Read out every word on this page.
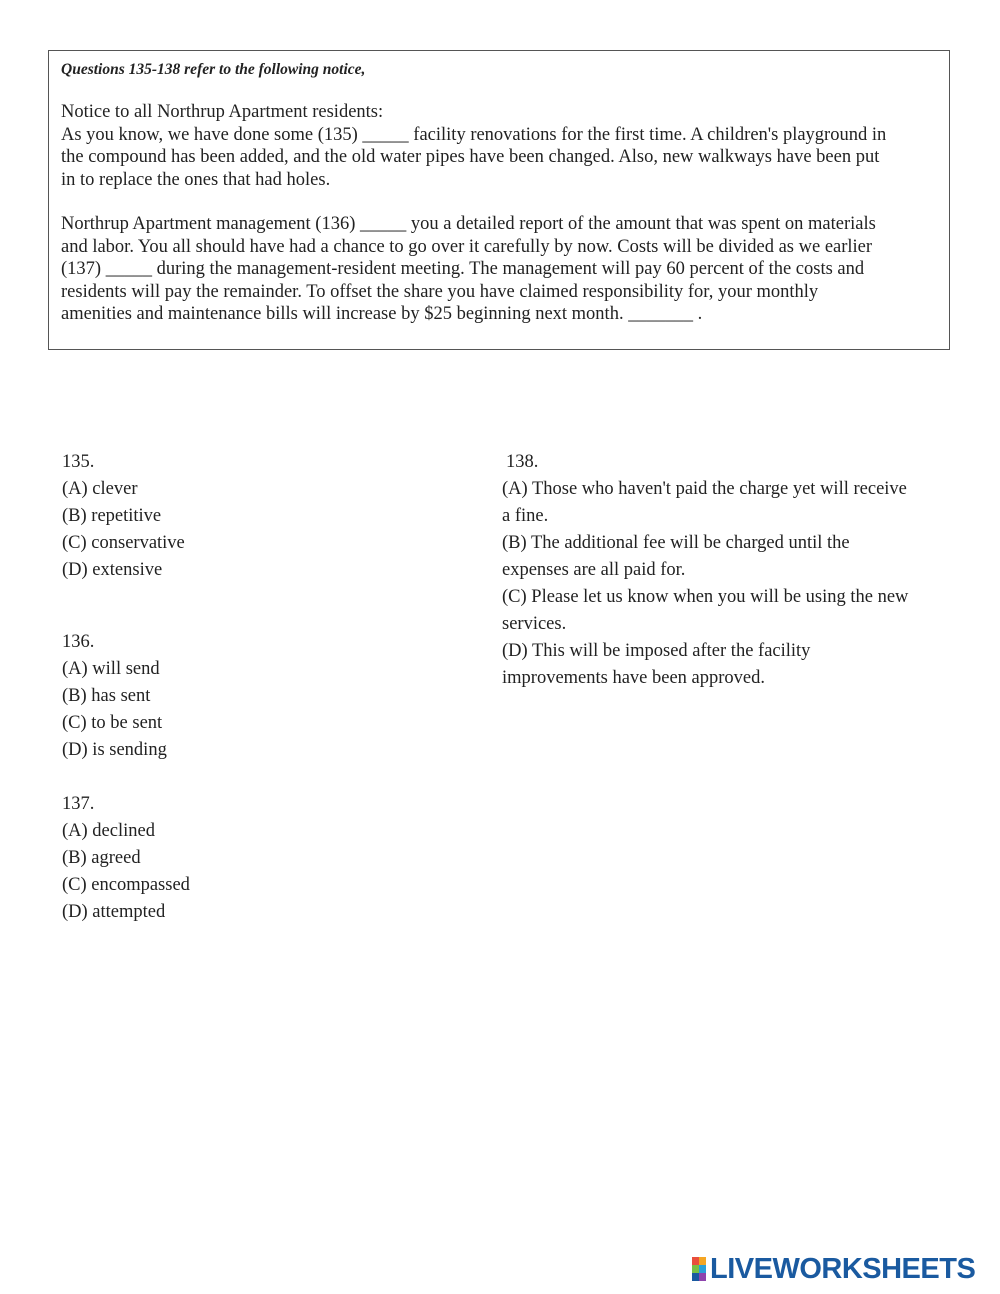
Questions 135-138 refer to the following notice,

Notice to all Northrup Apartment residents:
As you know, we have done some (135) _____ facility renovations for the first time. A children's playground in
the compound has been added, and the old water pipes have been changed. Also, new walkways have been put
in to replace the ones that had holes.

Northrup Apartment management (136) _____ you a detailed report of the amount that was spent on materials
and labor. You all should have had a chance to go over it carefully by now. Costs will be divided as we earlier
(137) _____ during the management-resident meeting. The management will pay 60 percent of the costs and
residents will pay the remainder. To offset the share you have claimed responsibility for, your monthly
amenities and maintenance bills will increase by $25 beginning next month. _______ .

135.
(A) clever
(B) repetitive
(C) conservative
(D) extensive
136.
(A) will send
(B) has sent
(C) to be sent
(D) is sending
137.
(A) declined
(B) agreed
(C) encompassed
(D) attempted
138.
(A) Those who haven't paid the charge yet will receive
a fine.
(B) The additional fee will be charged until the
expenses are all paid for.
(C) Please let us know when you will be using the new
services.
(D) This will be imposed after the facility
improvements have been approved.
LIVEWORKSHEETS
